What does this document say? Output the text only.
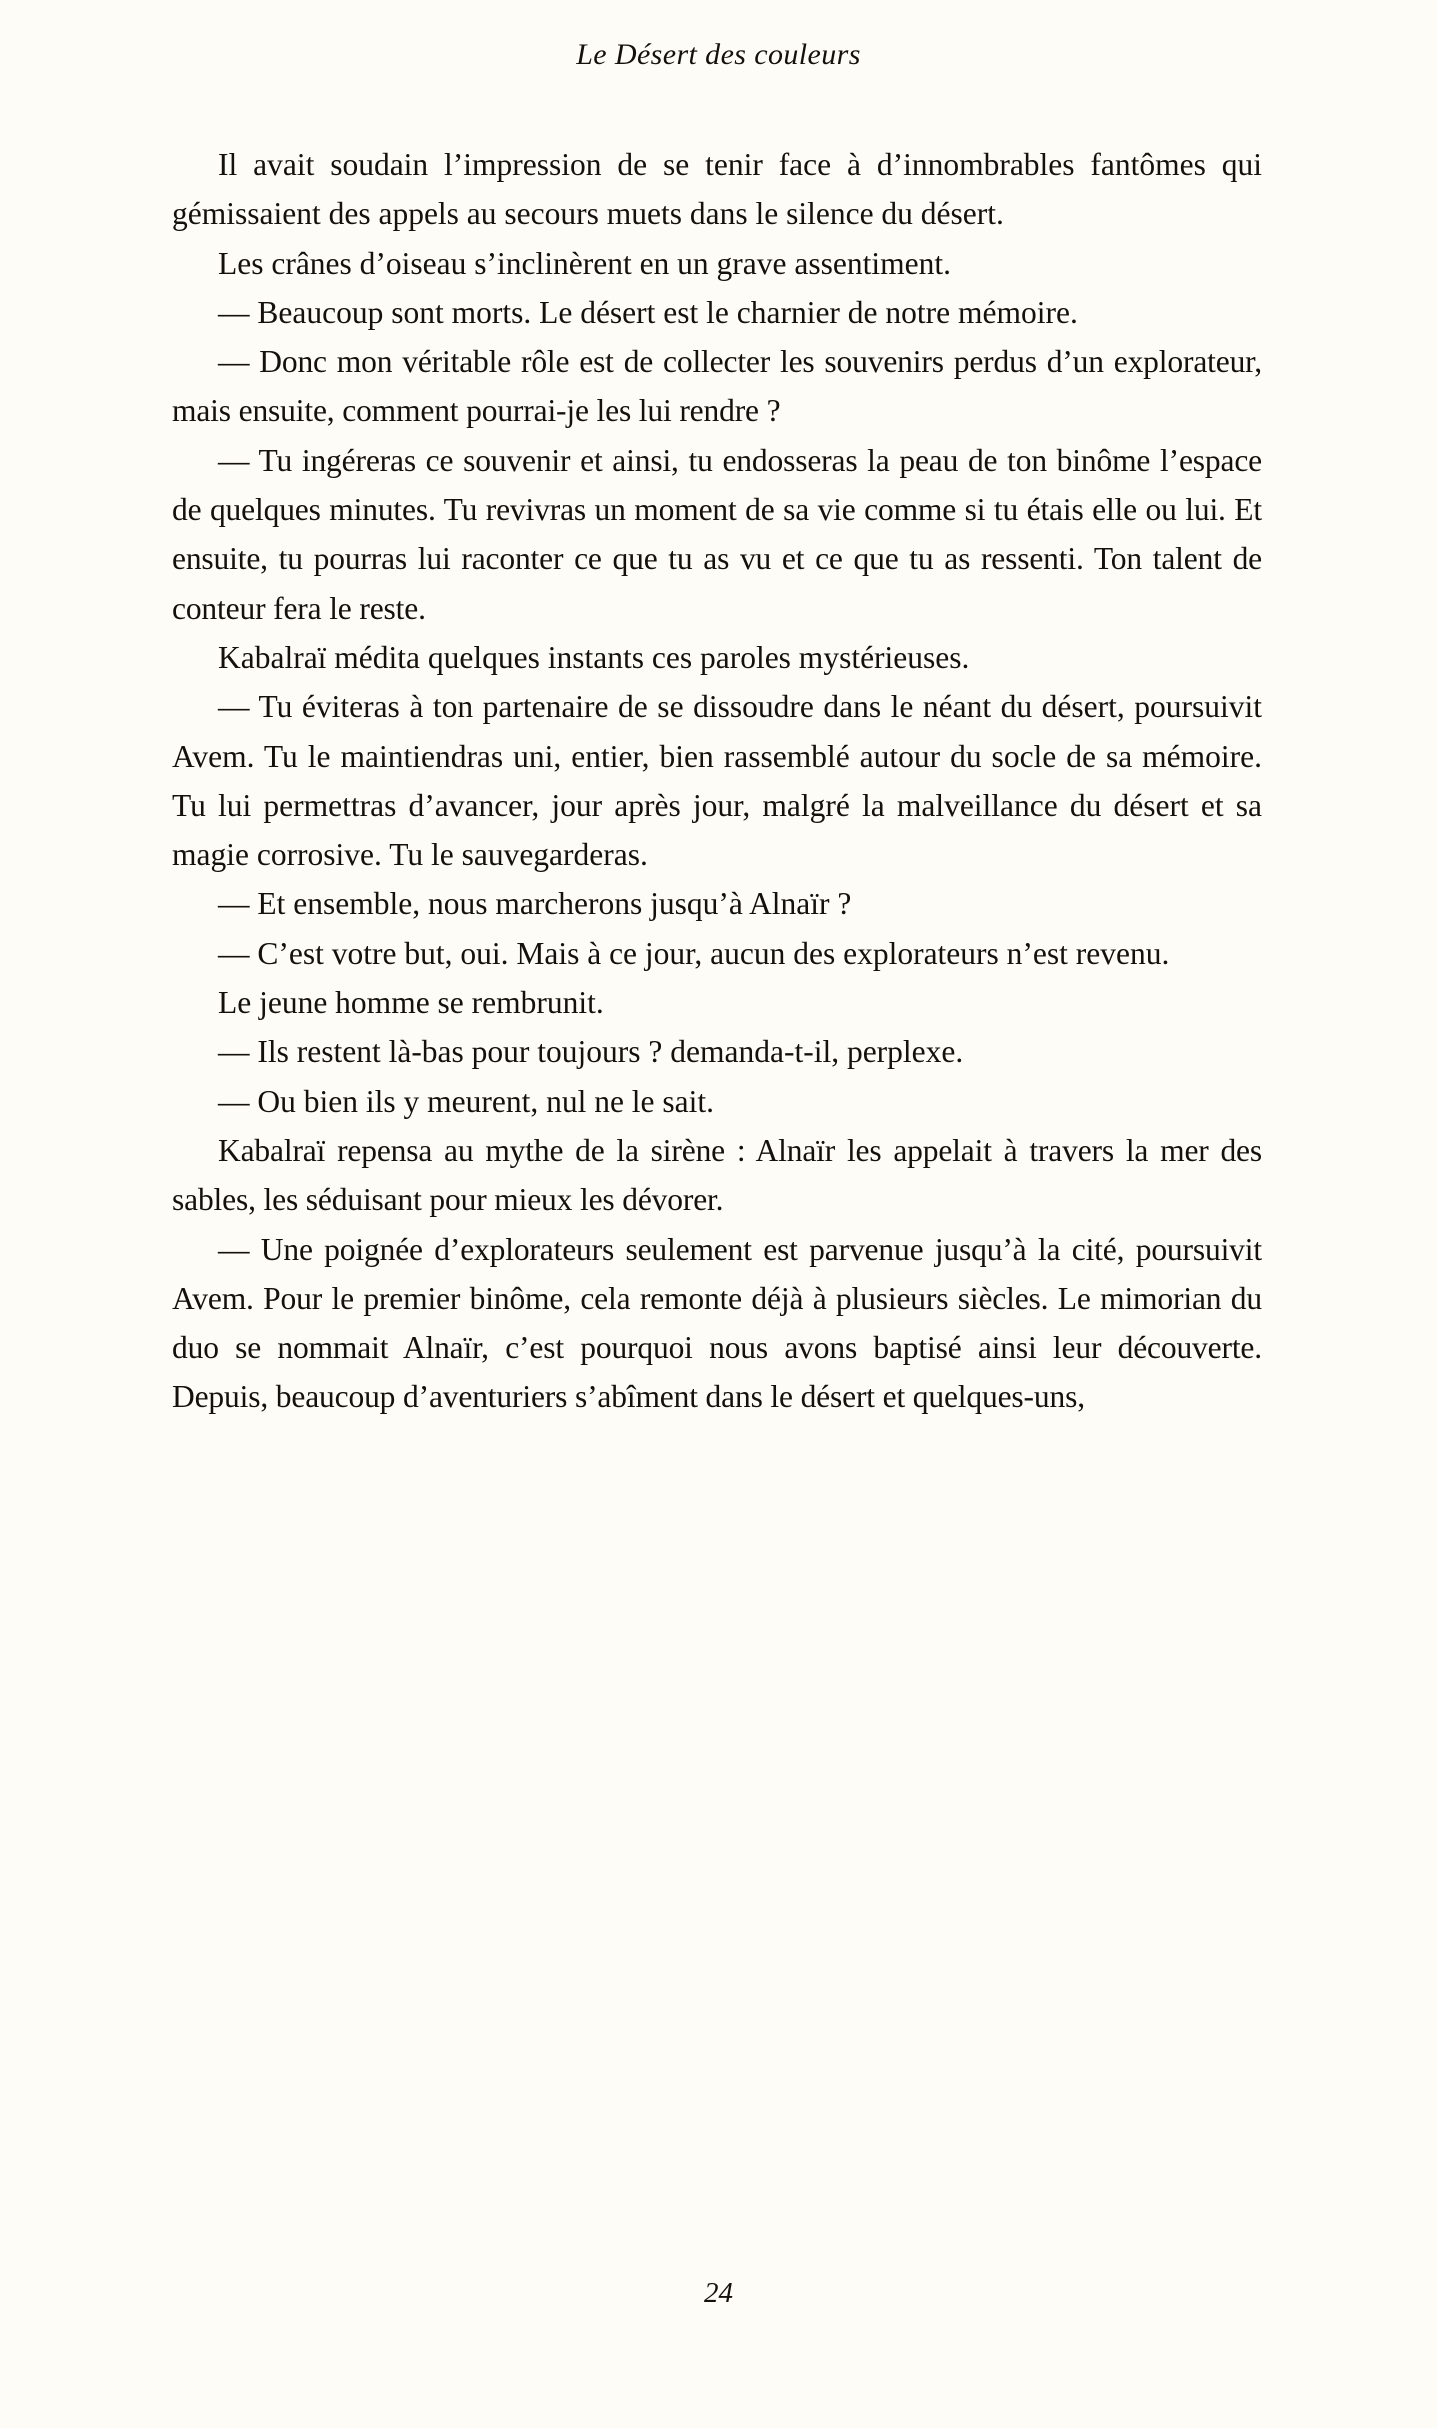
Le Désert des couleurs

Il avait soudain l’impression de se tenir face à d’innombrables fantômes qui gémissaient des appels au secours muets dans le silence du désert.

Les crânes d’oiseau s’inclinèrent en un grave assentiment.

— Beaucoup sont morts. Le désert est le charnier de notre mémoire.

— Donc mon véritable rôle est de collecter les souvenirs perdus d’un explorateur, mais ensuite, comment pourrai-je les lui rendre ?

— Tu ingéreras ce souvenir et ainsi, tu endosseras la peau de ton binôme l’espace de quelques minutes. Tu revivras un moment de sa vie comme si tu étais elle ou lui. Et ensuite, tu pourras lui raconter ce que tu as vu et ce que tu as ressenti. Ton talent de conteur fera le reste.

Kabalraï médita quelques instants ces paroles mystérieuses.

— Tu éviteras à ton partenaire de se dissoudre dans le néant du désert, poursuivit Avem. Tu le maintiendras uni, entier, bien rassemblé autour du socle de sa mémoire. Tu lui permettras d’avancer, jour après jour, malgré la malveillance du désert et sa magie corrosive. Tu le sauvegarderas.

— Et ensemble, nous marcherons jusqu’à Alnaïr ?

— C’est votre but, oui. Mais à ce jour, aucun des explorateurs n’est revenu.

Le jeune homme se rembrunit.

— Ils restent là-bas pour toujours ? demanda-t-il, perplexe.

— Ou bien ils y meurent, nul ne le sait.

Kabalraï repensa au mythe de la sirène : Alnaïr les appelait à travers la mer des sables, les séduisant pour mieux les dévorer.

— Une poignée d’explorateurs seulement est parvenue jusqu’à la cité, poursuivit Avem. Pour le premier binôme, cela remonte déjà à plusieurs siècles. Le mimorian du duo se nommait Alnaïr, c’est pourquoi nous avons baptisé ainsi leur découverte. Depuis, beaucoup d’aventuriers s’abîment dans le désert et quelques-uns,

24
